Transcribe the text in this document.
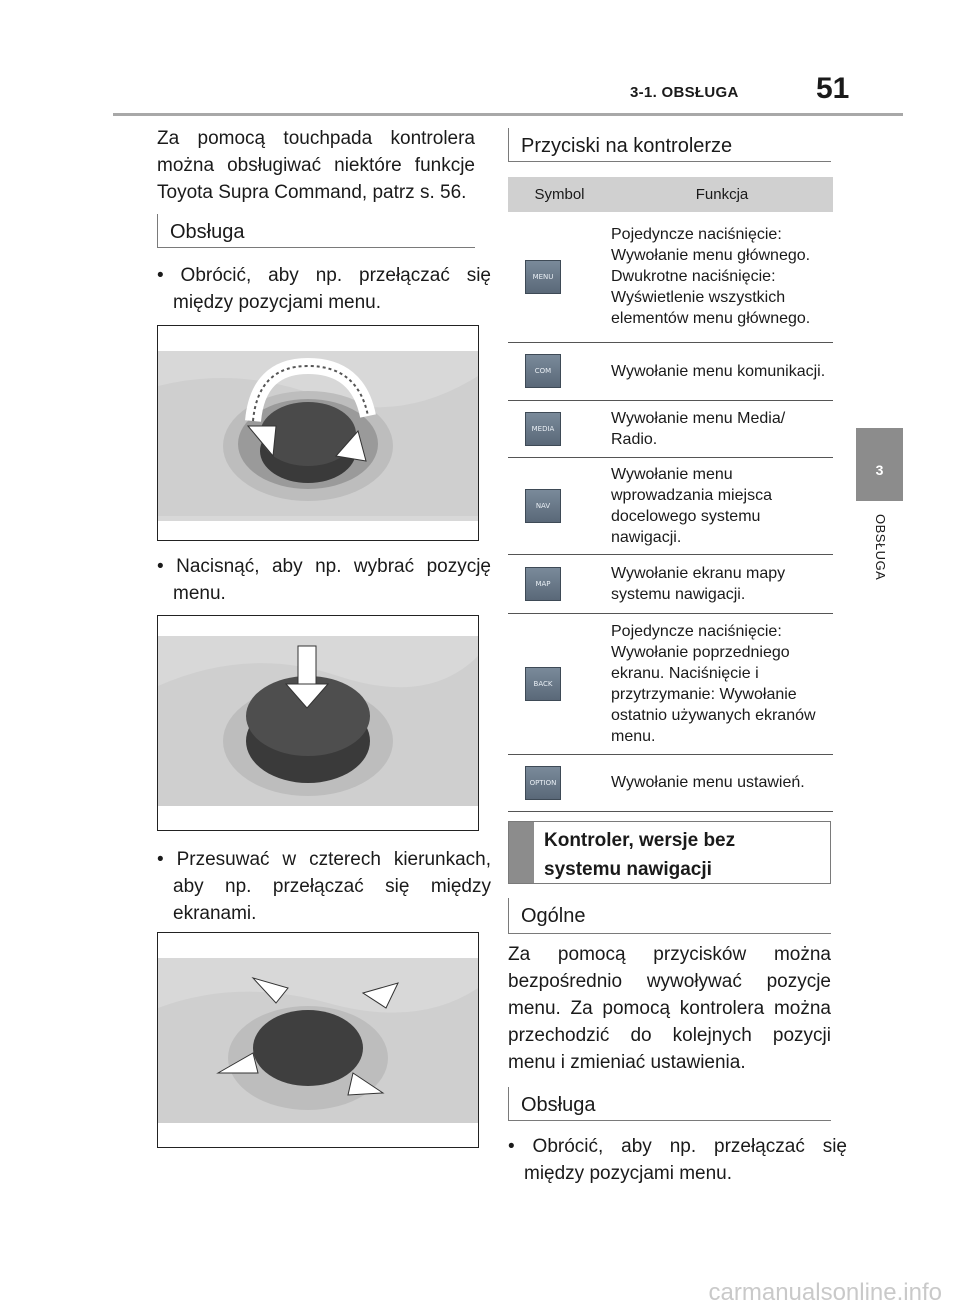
3-1. OBSŁUGA	51
3
OBSŁUGA
Za pomocą touchpada kontrolera można obsługiwać niektóre funkcje Toyota Supra Command, patrz s. 56.
Obsługa
• Obrócić, aby np. przełączać się między pozycjami menu.
• Nacisnąć, aby np. wybrać pozycję menu.
• Przesuwać w czterech kierunkach, aby np. przełączać się między ekranami.
Przyciski na kontrolerze
Symbol	Funkcja
MENU	Pojedyncze naciśnięcie: Wywołanie menu głównego. Dwukrotne naciśnięcie: Wyświetlenie wszystkich elementów menu głównego.
COM	Wywołanie menu komunikacji.
MEDIA	Wywołanie menu Media/ Radio.
NAV	Wywołanie menu wprowadzania miejsca docelowego systemu nawigacji.
MAP	Wywołanie ekranu mapy systemu nawigacji.
BACK	Pojedyncze naciśnięcie: Wywołanie poprzedniego ekranu. Naciśnięcie i przytrzymanie: Wywołanie ostatnio używanych ekranów menu.
OPTION	Wywołanie menu ustawień.
Kontroler, wersje bez systemu nawigacji
Ogólne
Za pomocą przycisków można bezpośrednio wywoływać pozycje menu. Za pomocą kontrolera można przechodzić do kolejnych pozycji menu i zmieniać ustawienia.
Obsługa
• Obrócić, aby np. przełączać się między pozycjami menu.
carmanualsonline.info
